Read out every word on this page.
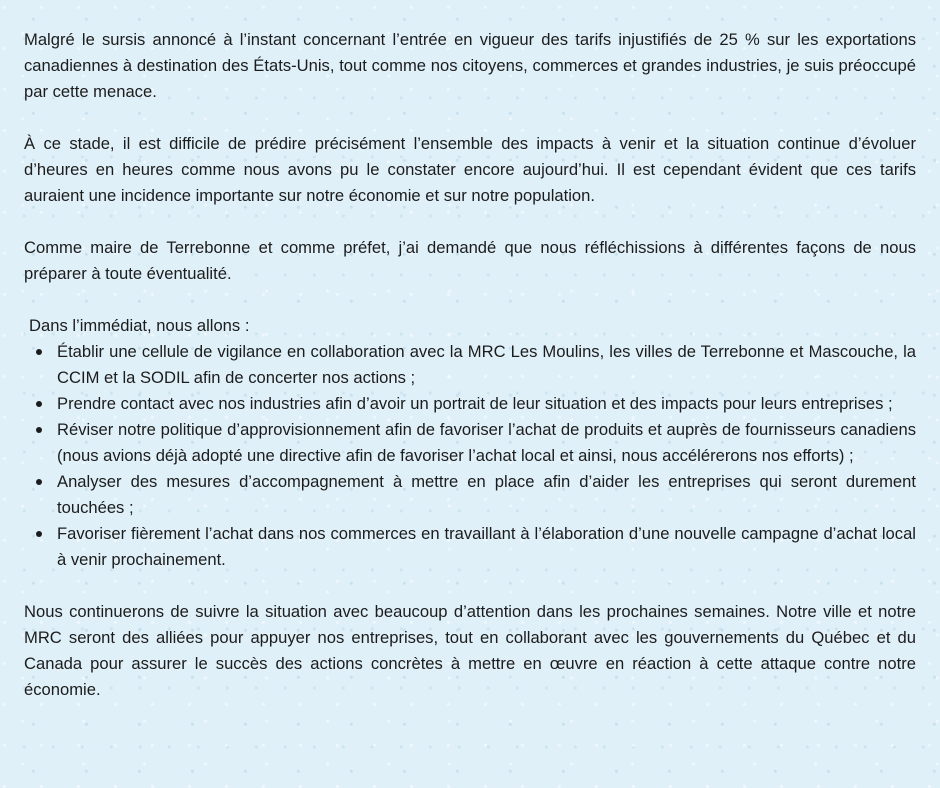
Malgré le sursis annoncé à l’instant concernant l’entrée en vigueur des tarifs injustifiés de 25 % sur les exportations canadiennes à destination des États-Unis, tout comme nos citoyens, commerces et grandes industries, je suis préoccupé par cette menace.

À ce stade, il est difficile de prédire précisément l’ensemble des impacts à venir et la situation continue d’évoluer d’heures en heures comme nous avons pu le constater encore aujourd’hui. Il est cependant évident que ces tarifs auraient une incidence importante sur notre économie et sur notre population.

Comme maire de Terrebonne et comme préfet, j’ai demandé que nous réfléchissions à différentes façons de nous préparer à toute éventualité.

Dans l’immédiat, nous allons :

Établir une cellule de vigilance en collaboration avec la MRC Les Moulins, les villes de Terrebonne et Mascouche, la CCIM et la SODIL afin de concerter nos actions ;
Prendre contact avec nos industries afin d’avoir un portrait de leur situation et des impacts pour leurs entreprises ;
Réviser notre politique d’approvisionnement afin de favoriser l’achat de produits et auprès de fournisseurs canadiens (nous avions déjà adopté une directive afin de favoriser l’achat local et ainsi, nous accélérerons nos efforts) ;
Analyser des mesures d’accompagnement à mettre en place afin d’aider les entreprises qui seront durement touchées ;
Favoriser fièrement l’achat dans nos commerces en travaillant à l’élaboration d’une nouvelle campagne d’achat local à venir prochainement.

Nous continuerons de suivre la situation avec beaucoup d’attention dans les prochaines semaines. Notre ville et notre MRC seront des alliées pour appuyer nos entreprises, tout en collaborant avec les gouvernements du Québec et du Canada pour assurer le succès des actions concrètes à mettre en œuvre en réaction à cette attaque contre notre économie.
